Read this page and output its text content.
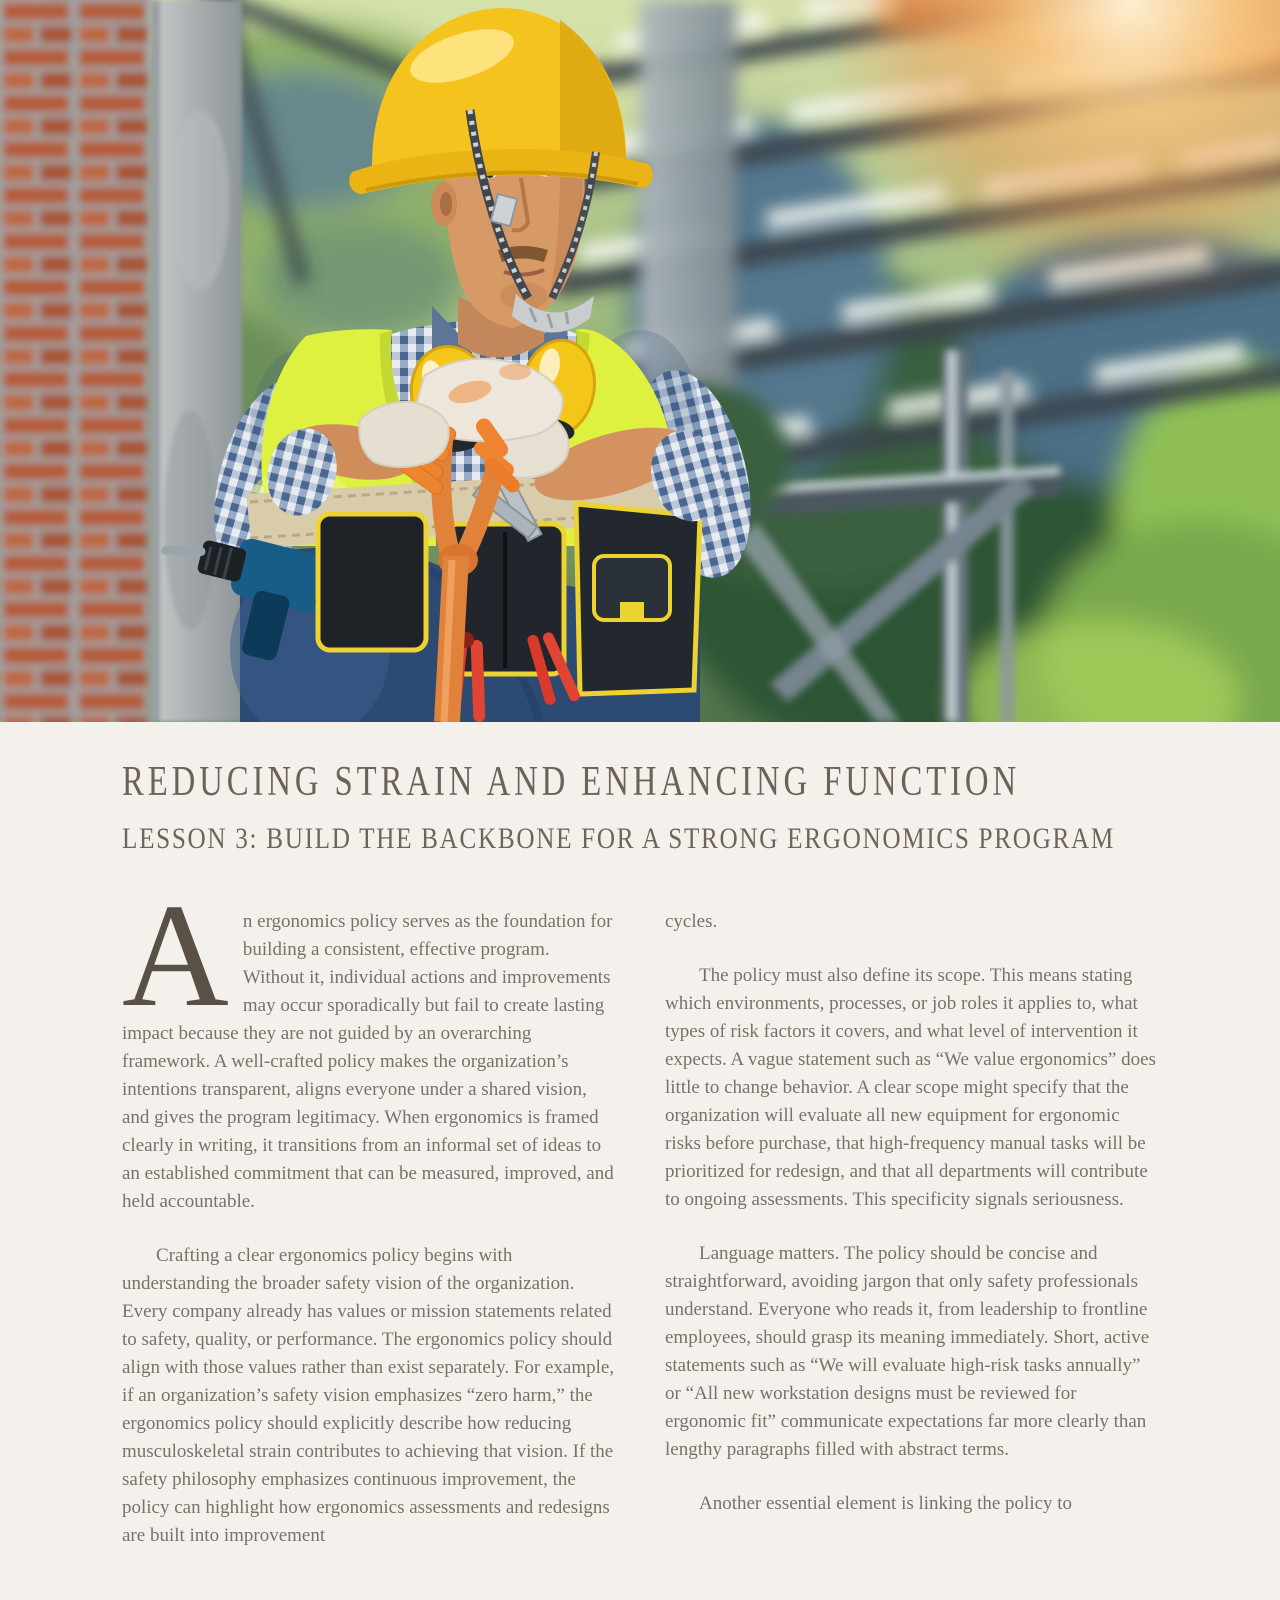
REDUCING STRAIN AND ENHANCING FUNCTION
LESSON 3: BUILD THE BACKBONE FOR A STRONG ERGONOMICS PROGRAM

An ergonomics policy serves as the foundation for building a consistent, effective program. Without it, individual actions and improvements may occur sporadically but fail to create lasting impact because they are not guided by an overarching framework. A well-crafted policy makes the organization’s intentions transparent, aligns everyone under a shared vision, and gives the program legitimacy. When ergonomics is framed clearly in writing, it transitions from an informal set of ideas to an established commitment that can be measured, improved, and held accountable.

Crafting a clear ergonomics policy begins with understanding the broader safety vision of the organization. Every company already has values or mission statements related to safety, quality, or performance. The ergonomics policy should align with those values rather than exist separately. For example, if an organization’s safety vision emphasizes “zero harm,” the ergonomics policy should explicitly describe how reducing musculoskeletal strain contributes to achieving that vision. If the safety philosophy emphasizes continuous improvement, the policy can highlight how ergonomics assessments and redesigns are built into improvement

cycles.

The policy must also define its scope. This means stating which environments, processes, or job roles it applies to, what types of risk factors it covers, and what level of intervention it expects. A vague statement such as “We value ergonomics” does little to change behavior. A clear scope might specify that the organization will evaluate all new equipment for ergonomic risks before purchase, that high-frequency manual tasks will be prioritized for redesign, and that all departments will contribute to ongoing assessments. This specificity signals seriousness.

Language matters. The policy should be concise and straightforward, avoiding jargon that only safety professionals understand. Everyone who reads it, from leadership to frontline employees, should grasp its meaning immediately. Short, active statements such as “We will evaluate high-risk tasks annually” or “All new workstation designs must be reviewed for ergonomic fit” communicate expectations far more clearly than lengthy paragraphs filled with abstract terms.

Another essential element is linking the policy to
